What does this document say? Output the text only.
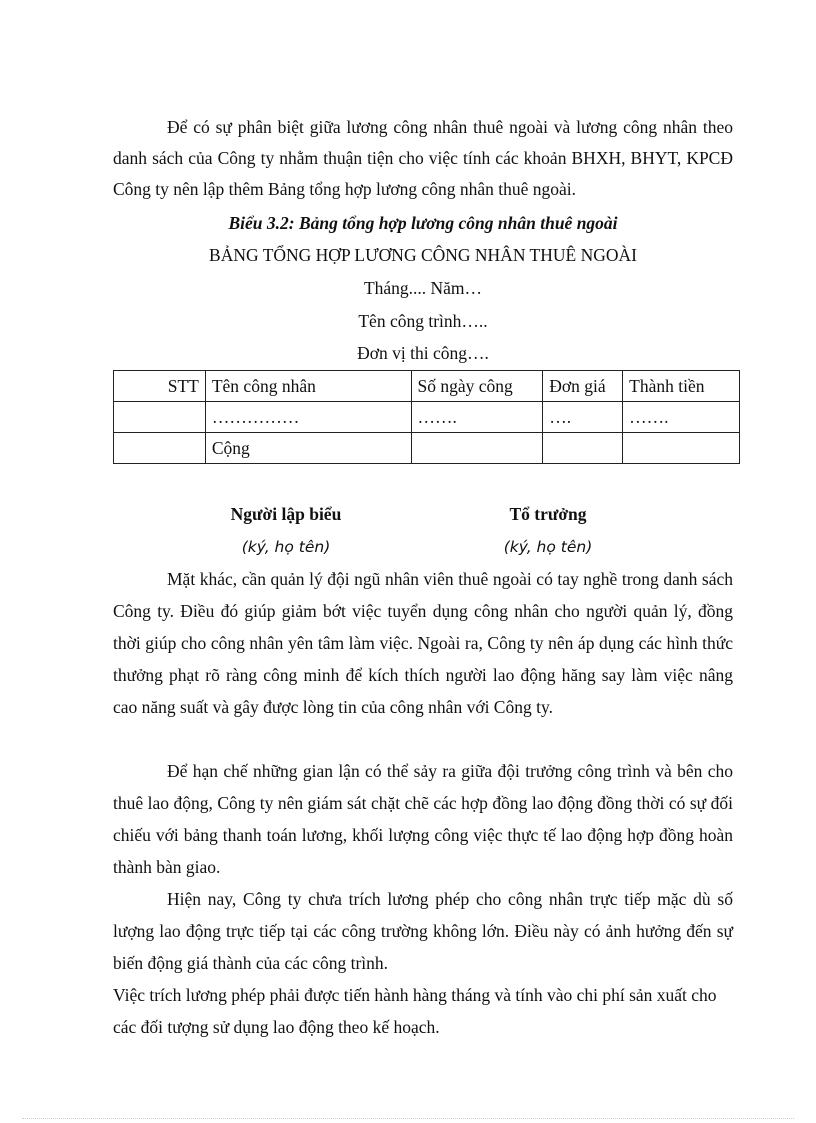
Để có sự phân biệt giữa lương công nhân thuê ngoài và lương công nhân theo danh sách của Công ty nhằm thuận tiện cho việc tính các khoản BHXH, BHYT, KPCĐ Công ty nên lập thêm Bảng tổng hợp lương công nhân thuê ngoài.
Biểu 3.2: Bảng tổng hợp lương công nhân thuê ngoài
BẢNG TỔNG HỢP LƯƠNG CÔNG NHÂN THUÊ NGOÀI
Tháng.... Năm…
Tên công trình…..
Đơn vị thi công….
STT	Tên công nhân	Số ngày công	Đơn giá	Thành tiền
	……………	…….	….	…….
	Cộng			
Người lập biểu
(ký, họ tên)
Tổ trưởng
(ký, họ tên)
Mặt khác, cần quản lý đội ngũ nhân viên thuê ngoài có tay nghề trong danh sách Công ty. Điều đó giúp giảm bớt việc tuyển dụng công nhân cho người quản lý, đồng thời giúp cho công nhân yên tâm làm việc. Ngoài ra, Công ty nên áp dụng các hình thức thưởng phạt rõ ràng công minh để kích thích người lao động hăng say làm việc nâng cao năng suất và gây được lòng tin của công nhân với Công ty.
Để hạn chế những gian lận có thể sảy ra giữa đội trưởng công trình và bên cho thuê lao động, Công ty nên giám sát chặt chẽ các hợp đồng lao động đồng thời có sự đối chiếu với bảng thanh toán lương, khối lượng công việc thực tế lao động hợp đồng hoàn thành bàn giao.
Hiện nay, Công ty chưa trích lương phép cho công nhân trực tiếp mặc dù số lượng lao động trực tiếp tại các công trường không lớn. Điều này có ảnh hưởng đến sự biến động giá thành của các công trình.
Việc trích lương phép phải được tiến hành hàng tháng và tính vào chi phí sản xuất cho các đối tượng sử dụng lao động theo kế hoạch.
